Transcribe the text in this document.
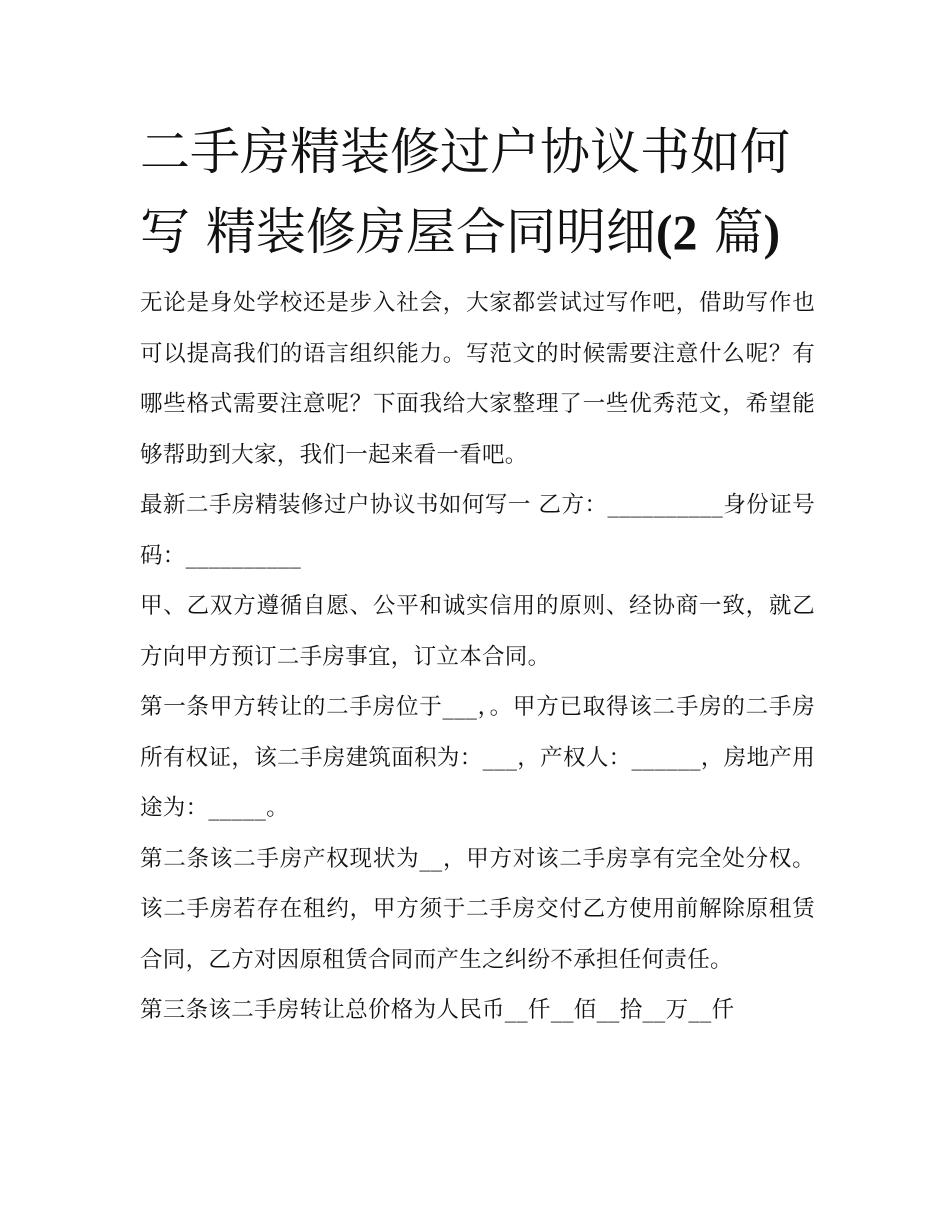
二手房精装修过户协议书如何
写 精装修房屋合同明细(2 篇)

无论是身处学校还是步入社会，大家都尝试过写作吧，借助写作也可以提高我们的语言组织能力。写范文的时候需要注意什么呢？有哪些格式需要注意呢？下面我给大家整理了一些优秀范文，希望能够帮助到大家，我们一起来看一看吧。

最新二手房精装修过户协议书如何写一 乙方：__________身份证号码：__________

甲、乙双方遵循自愿、公平和诚实信用的原则、经协商一致，就乙方向甲方预订二手房事宜，订立本合同。

第一条甲方转让的二手房位于___，。甲方已取得该二手房的二手房所有权证，该二手房建筑面积为：___，产权人：______，房地产用途为：_____。

第二条该二手房产权现状为__，甲方对该二手房享有完全处分权。该二手房若存在租约，甲方须于二手房交付乙方使用前解除原租赁合同，乙方对因原租赁合同而产生之纠纷不承担任何责任。

第三条该二手房转让总价格为人民币__仟__佰__拾__万__仟
